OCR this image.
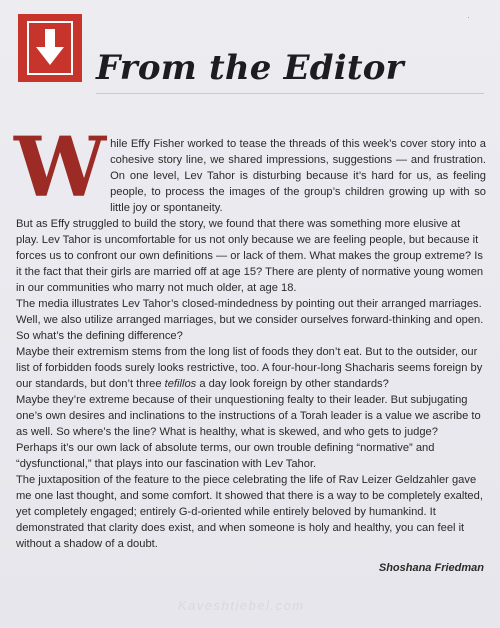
From the Editor
·

While Effy Fisher worked to tease the threads of this week’s cover story into a cohesive story line, we shared impressions, suggestions — and frustration. On one level, Lev Tahor is disturbing because it’s hard for us, as feeling people, to process the images of the group’s children growing up with so little joy or spontaneity.

But as Effy struggled to build the story, we found that there was something more elusive at play. Lev Tahor is uncomfortable for us not only because we are feeling people, but because it forces us to confront our own definitions — or lack of them. What makes the group extreme? Is it the fact that their girls are married off at age 15? There are plenty of normative young women in our communities who marry not much older, at age 18.

The media illustrates Lev Tahor’s closed-mindedness by pointing out their arranged marriages. Well, we also utilize arranged marriages, but we consider ourselves forward-thinking and open. So what’s the defining difference?

Maybe their extremism stems from the long list of foods they don’t eat. But to the outsider, our list of forbidden foods surely looks restrictive, too. A four-hour-long Shacharis seems foreign by our standards, but don’t three tefillos a day look foreign by other standards?

Maybe they’re extreme because of their unquestioning fealty to their leader. But subjugating one’s own desires and inclinations to the instructions of a Torah leader is a value we ascribe to as well. So where’s the line? What is healthy, what is skewed, and who gets to judge?

Perhaps it’s our own lack of absolute terms, our own trouble defining “normative” and “dysfunctional,” that plays into our fascination with Lev Tahor.

The juxtaposition of the feature to the piece celebrating the life of Rav Leizer Geldzahler gave me one last thought, and some comfort. It showed that there is a way to be completely exalted, yet completely engaged; entirely G-d-oriented while entirely beloved by humankind. It demonstrated that clarity does exist, and when someone is holy and healthy, you can feel it without a shadow of a doubt.

Shoshana Friedman
Kaveshtiebel.com
